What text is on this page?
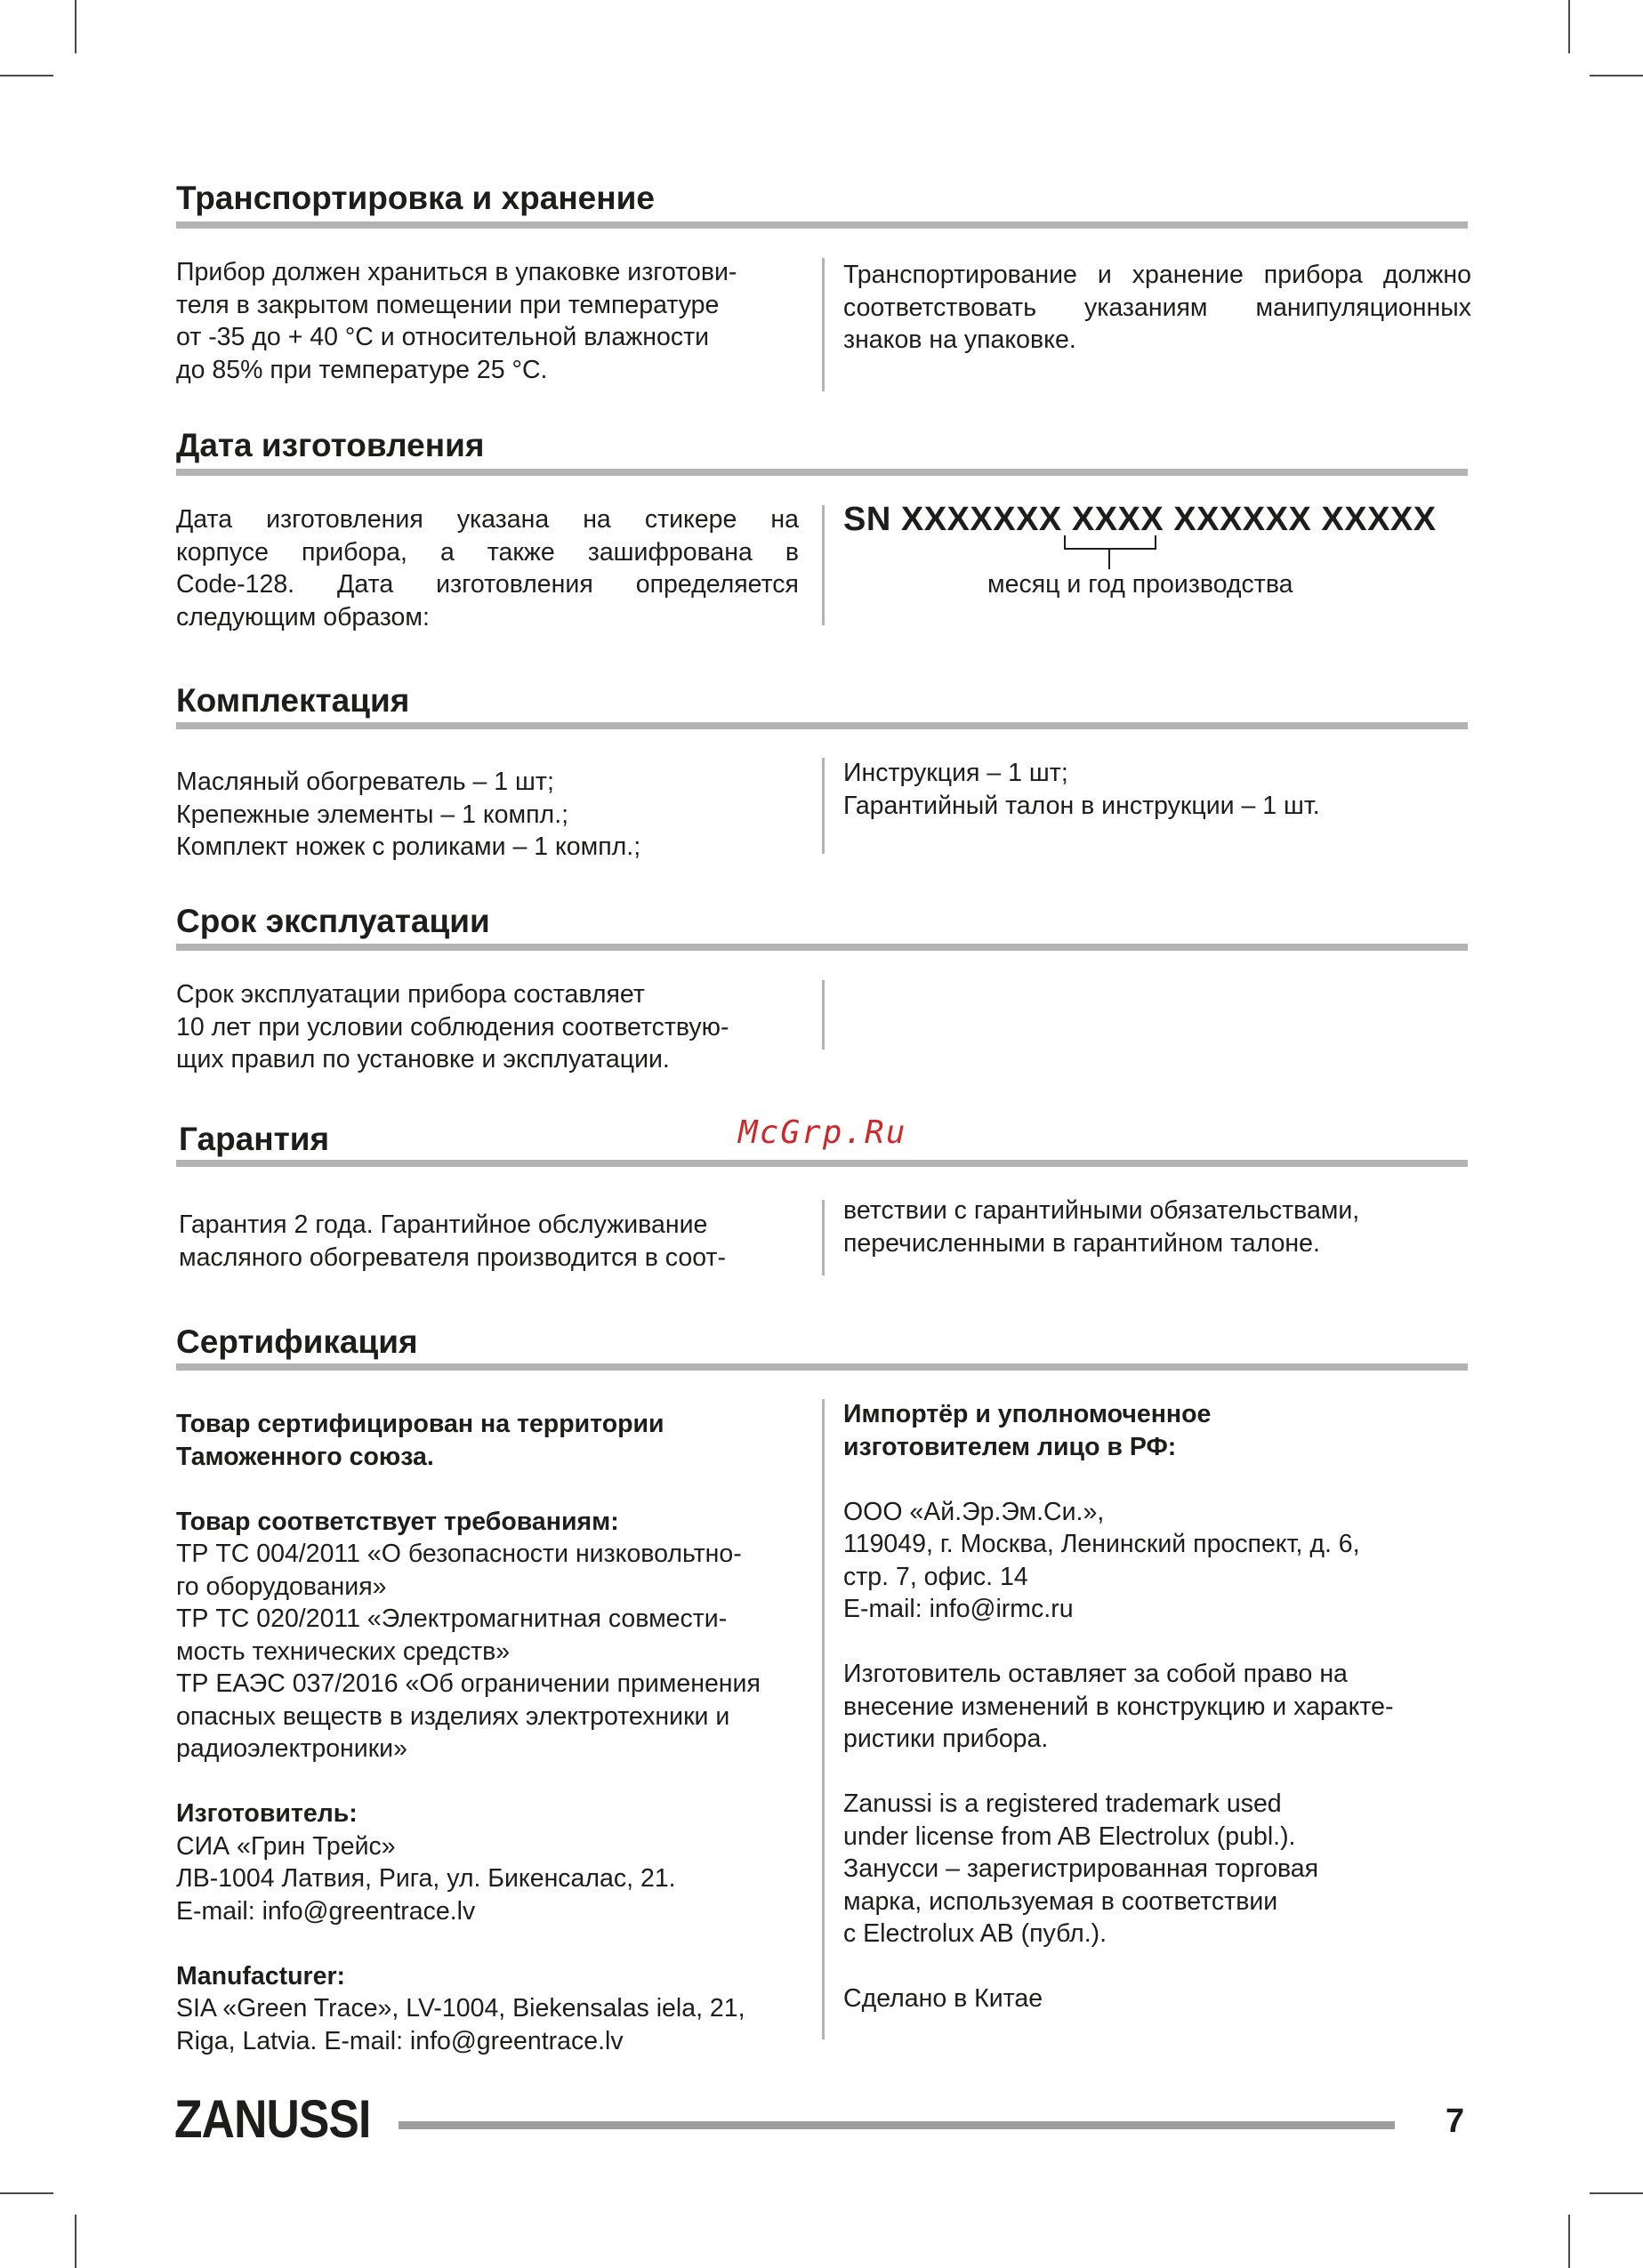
Транспортировка и хранение
Прибор должен храниться в упаковке изготови-
теля в закрытом помещении при температуре
от -35 до + 40 °С и относительной влажности
до 85% при температуре 25 °С.
Транспортирование и хранение прибора должно
соответствовать указаниям манипуляционных
знаков на упаковке.
Дата изготовления
Дата изготовления указана на стикере на
корпусе прибора, а также зашифрована в
Code-128. Дата изготовления определяется
следующим образом:
SN XXXXXXX XXXX XXXXXX XXXXX
месяц и год производства
Комплектация
Масляный обогреватель – 1 шт;
Крепежные элементы – 1 компл.;
Комплект ножек с роликами – 1 компл.;
Инструкция – 1 шт;
Гарантийный талон в инструкции – 1 шт.
Срок эксплуатации
Срок эксплуатации прибора составляет
10 лет при условии соблюдения соответствую-
щих правил по установке и эксплуатации.
Гарантия	McGrp.Ru
Гарантия 2 года. Гарантийное обслуживание
масляного обогревателя производится в соот-
ветствии с гарантийными обязательствами,
перечисленными в гарантийном талоне.
Сертификация
Товар сертифицирован на территории
Таможенного союза.
Товар соответствует требованиям:
ТР ТС 004/2011 «О безопасности низковольтно-
го оборудования»
ТР ТС 020/2011 «Электромагнитная совмести-
мость технических средств»
ТР ЕАЭС 037/2016 «Об ограничении применения
опасных веществ в изделиях электротехники и
радиоэлектроники»
Изготовитель:
СИА «Грин Трейс»
ЛВ-1004 Латвия, Рига, ул. Бикенсалас, 21.
E-mail: info@greentrace.lv
Manufacturer:
SIA «Green Trace», LV-1004, Biekensalas iela, 21,
Riga, Latvia. E-mail: info@greentrace.lv
Импортёр и уполномоченное
изготовителем лицо в РФ:
ООО «Ай.Эр.Эм.Си.»,
119049, г. Москва, Ленинский проспект, д. 6,
стр. 7, офис. 14
E-mail: info@irmc.ru
Изготовитель оставляет за собой право на
внесение изменений в конструкцию и характе-
ристики прибора.
Zanussi is a registered trademark used
under license from AB Electrolux (publ.).
Занусси – зарегистрированная торговая
марка, используемая в соответствии
с Electrolux AB (публ.).
Сделано в Китае
ZANUSSI	7
